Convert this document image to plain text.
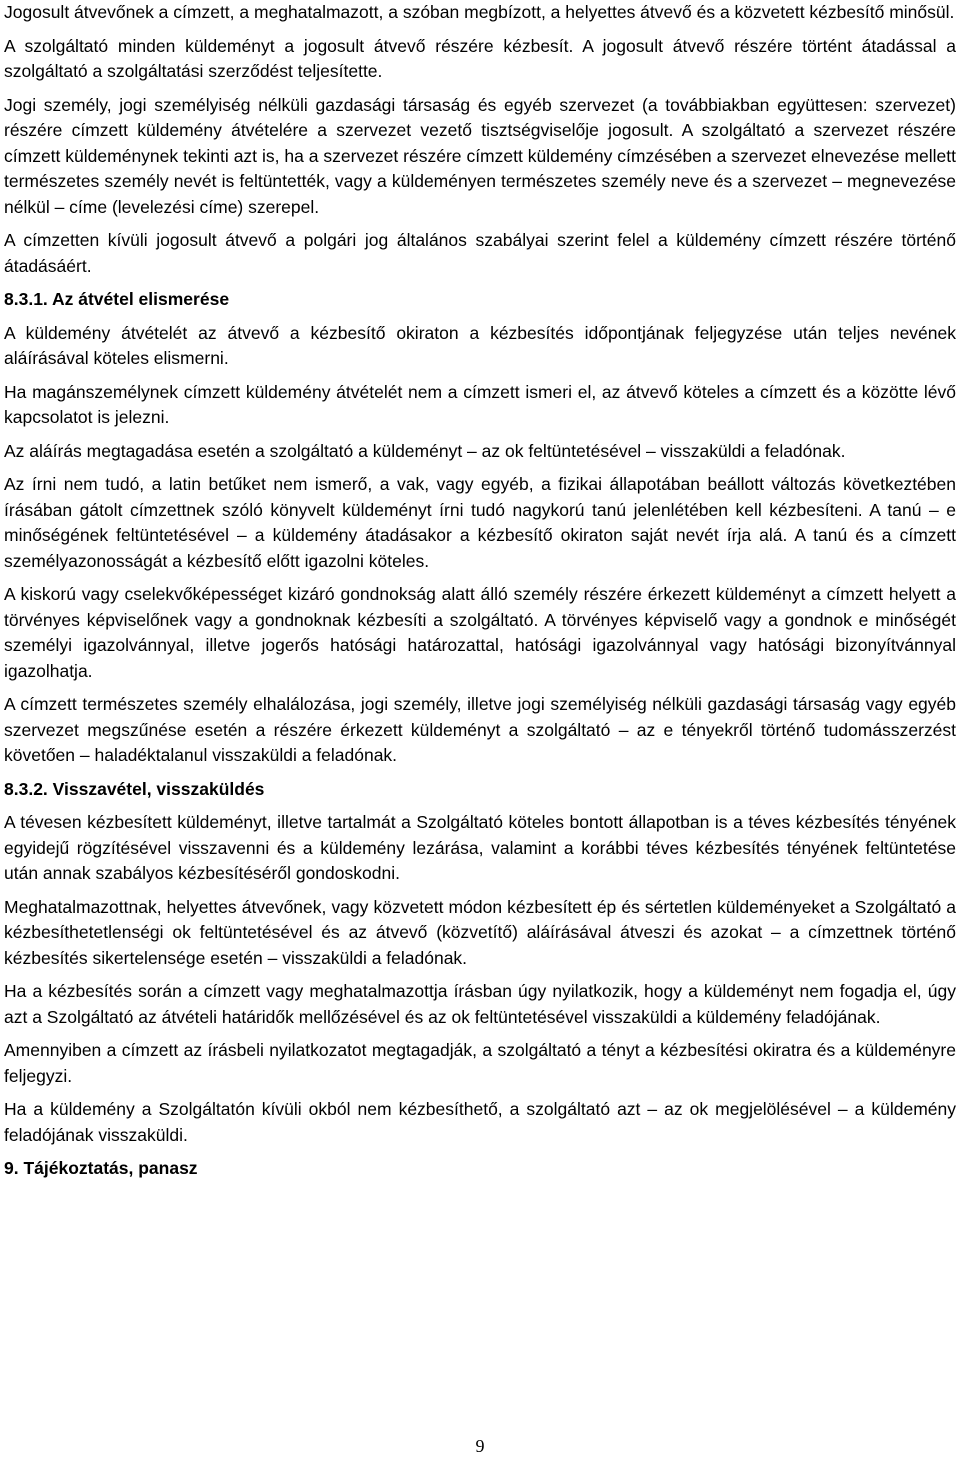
Jogosult átvevőnek a címzett, a meghatalmazott, a szóban megbízott, a helyettes átvevő és a közvetett kézbesítő minősül.

A szolgáltató minden küldeményt a jogosult átvevő részére kézbesít. A jogosult átvevő részére történt átadással a szolgáltató a szolgáltatási szerződést teljesítette.

Jogi személy, jogi személyiség nélküli gazdasági társaság és egyéb szervezet (a továbbiakban együttesen: szervezet) részére címzett küldemény átvételére a szervezet vezető tisztségviselője jogosult. A szolgáltató a szervezet részére címzett küldeménynek tekinti azt is, ha a szervezet részére címzett küldemény címzésében a szervezet elnevezése mellett természetes személy nevét is feltüntették, vagy a küldeményen természetes személy neve és a szervezet – megnevezése nélkül – címe (levelezési címe) szerepel.

A címzetten kívüli jogosult átvevő a polgári jog általános szabályai szerint felel a küldemény címzett részére történő átadásáért.

8.3.1. Az átvétel elismerése

A küldemény átvételét az átvevő a kézbesítő okiraton a kézbesítés időpontjának feljegyzése után teljes nevének aláírásával köteles elismerni.

Ha magánszemélynek címzett küldemény átvételét nem a címzett ismeri el, az átvevő köteles a címzett és a közötte lévő kapcsolatot is jelezni.

Az aláírás megtagadása esetén a szolgáltató a küldeményt – az ok feltüntetésével – visszaküldi a feladónak.

Az írni nem tudó, a latin betűket nem ismerő, a vak, vagy egyéb, a fizikai állapotában beállott változás következtében írásában gátolt címzettnek szóló könyvelt küldeményt írni tudó nagykorú tanú jelenlétében kell kézbesíteni. A tanú – e minőségének feltüntetésével – a küldemény átadásakor a kézbesítő okiraton saját nevét írja alá. A tanú és a címzett személyazonosságát a kézbesítő előtt igazolni köteles.

A kiskorú vagy cselekvőképességet kizáró gondnokság alatt álló személy részére érkezett küldeményt a címzett helyett a törvényes képviselőnek vagy a gondnoknak kézbesíti a szolgáltató. A törvényes képviselő vagy a gondnok e minőségét személyi igazolvánnyal, illetve jogerős hatósági határozattal, hatósági igazolvánnyal vagy hatósági bizonyítvánnyal igazolhatja.

A címzett természetes személy elhalálozása, jogi személy, illetve jogi személyiség nélküli gazdasági társaság vagy egyéb szervezet megszűnése esetén a részére érkezett küldeményt a szolgáltató – az e tényekről történő tudomásszerzést követően – haladéktalanul visszaküldi a feladónak.

8.3.2. Visszavétel, visszaküldés

A tévesen kézbesített küldeményt, illetve tartalmát a Szolgáltató köteles bontott állapotban is a téves kézbesítés tényének egyidejű rögzítésével visszavenni és a küldemény lezárása, valamint a korábbi téves kézbesítés tényének feltüntetése után annak szabályos kézbesítéséről gondoskodni.

Meghatalmazottnak, helyettes átvevőnek, vagy közvetett módon kézbesített ép és sértetlen küldeményeket a Szolgáltató a kézbesíthetetlenségi ok feltüntetésével és az átvevő (közvetítő) aláírásával átveszi és azokat – a címzettnek történő kézbesítés sikertelensége esetén – visszaküldi a feladónak.

Ha a kézbesítés során a címzett vagy meghatalmazottja írásban úgy nyilatkozik, hogy a küldeményt nem fogadja el, úgy azt a Szolgáltató az átvételi határidők mellőzésével és az ok feltüntetésével visszaküldi a küldemény feladójának.

Amennyiben a címzett az írásbeli nyilatkozatot megtagadják, a szolgáltató a tényt a kézbesítési okiratra és a küldeményre feljegyzi.

Ha a küldemény a Szolgáltatón kívüli okból nem kézbesíthető, a szolgáltató azt – az ok megjelölésével – a küldemény feladójának visszaküldi.

9. Tájékoztatás, panasz

9
